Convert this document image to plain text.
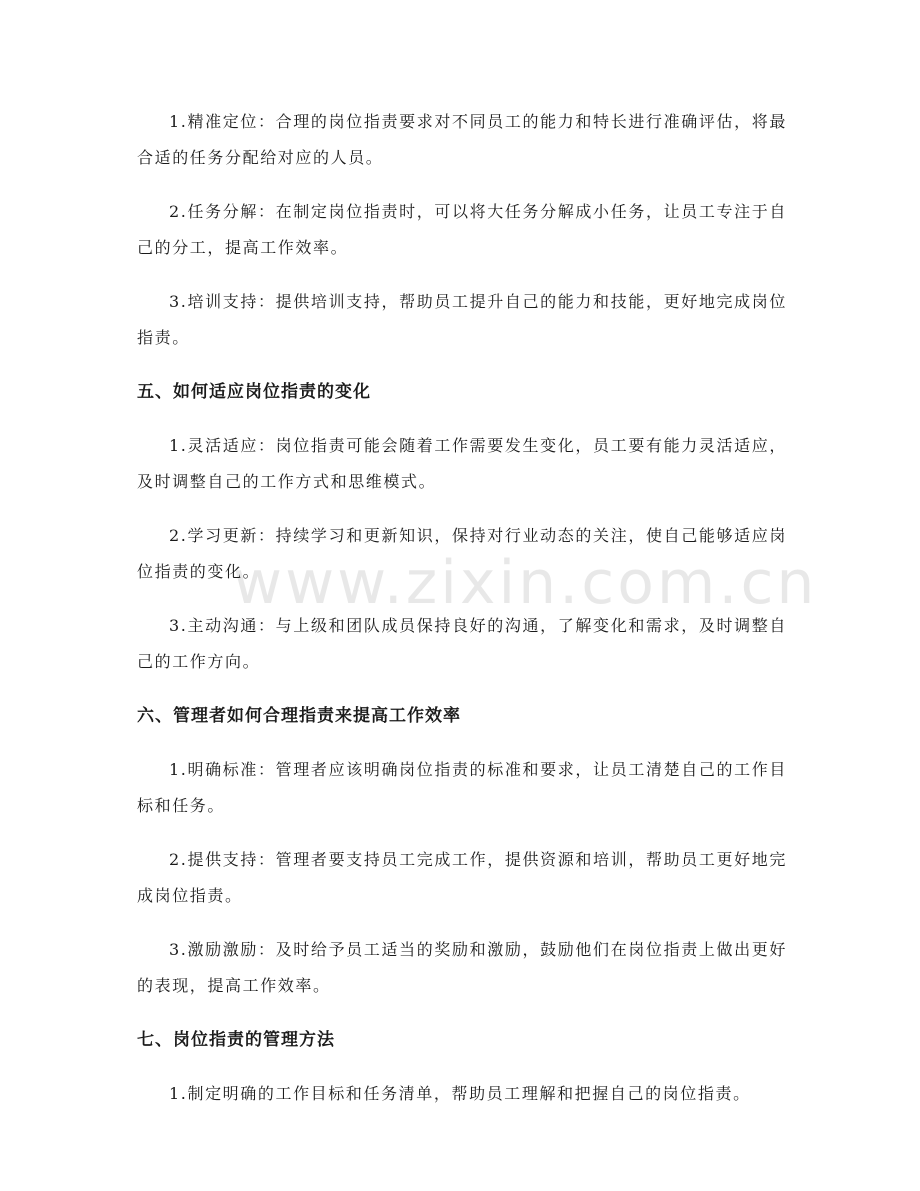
1.精准定位：合理的岗位指责要求对不同员工的能力和特长进行准确评估，将最合适的任务分配给对应的人员。

2.任务分解：在制定岗位指责时，可以将大任务分解成小任务，让员工专注于自己的分工，提高工作效率。

3.培训支持：提供培训支持，帮助员工提升自己的能力和技能，更好地完成岗位指责。

五、如何适应岗位指责的变化

1.灵活适应：岗位指责可能会随着工作需要发生变化，员工要有能力灵活适应，及时调整自己的工作方式和思维模式。

2.学习更新：持续学习和更新知识，保持对行业动态的关注，使自己能够适应岗位指责的变化。

3.主动沟通：与上级和团队成员保持良好的沟通，了解变化和需求，及时调整自己的工作方向。

六、管理者如何合理指责来提高工作效率

1.明确标准：管理者应该明确岗位指责的标准和要求，让员工清楚自己的工作目标和任务。

2.提供支持：管理者要支持员工完成工作，提供资源和培训，帮助员工更好地完成岗位指责。

3.激励激励：及时给予员工适当的奖励和激励，鼓励他们在岗位指责上做出更好的表现，提高工作效率。

七、岗位指责的管理方法

1.制定明确的工作目标和任务清单，帮助员工理解和把握自己的岗位指责。

www.zixin.com.cn
